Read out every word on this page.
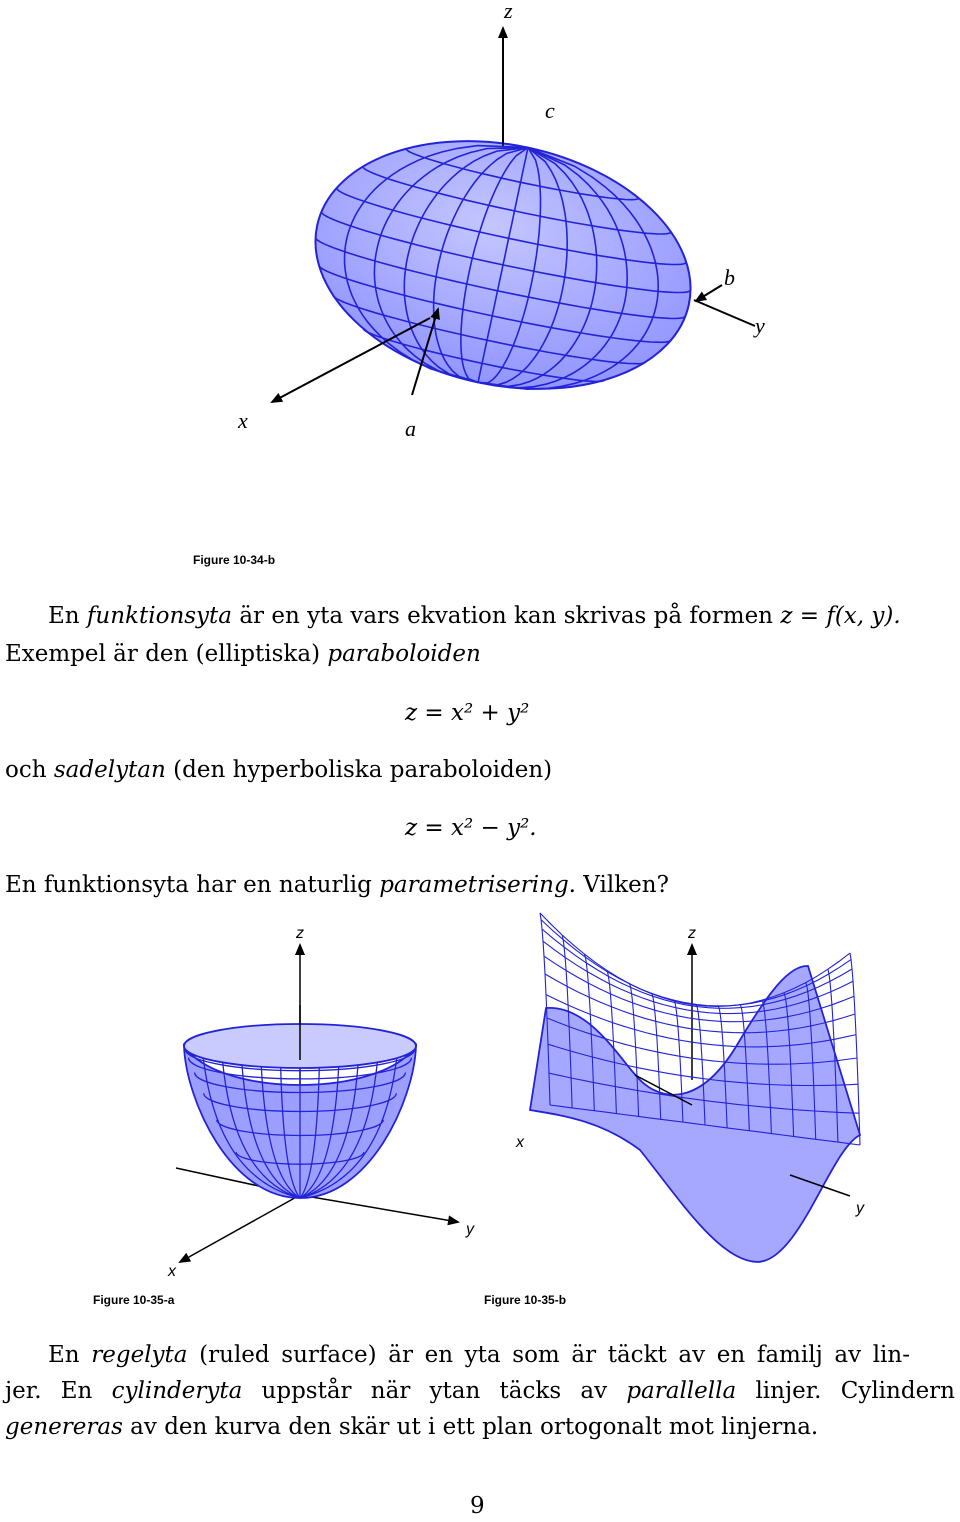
z
c
b
y
x	a
Figure 10-34-b
z
y
x
Figure 10-35-a
z
x
y
Figure 10-35-b
En funktionsyta är en yta vars ekvation kan skrivas på formen z = f(x, y).
Exempel är den (elliptiska) paraboloiden
z = x² + y²
och sadelytan (den hyperboliska paraboloiden)
z = x² − y².
En funktionsyta har en naturlig parametrisering. Vilken?
En regelyta (ruled surface) är en yta som är täckt av en familj av lin-
jer. En cylinderyta uppstår när ytan täcks av parallella linjer. Cylindern
genereras av den kurva den skär ut i ett plan ortogonalt mot linjerna.
9
